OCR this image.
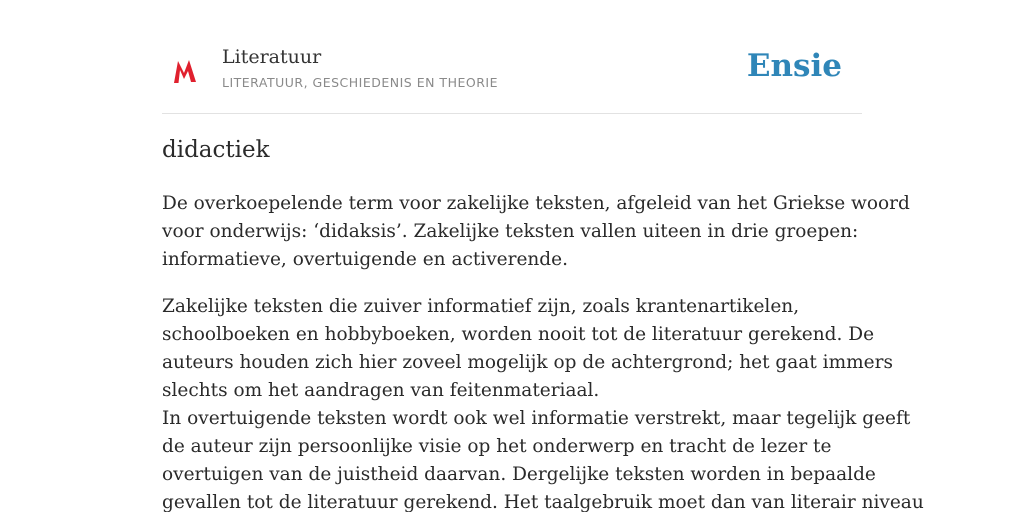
Literatuur
LITERATUUR, GESCHIEDENIS EN THEORIE	Ensie
didactiek

De overkoepelende term voor zakelijke teksten, afgeleid van het Griekse woord
voor onderwijs: ‘didaksis’. Zakelijke teksten vallen uiteen in drie groepen:
informatieve, overtuigende en activerende.

Zakelijke teksten die zuiver informatief zijn, zoals krantenartikelen,
schoolboeken en hobbyboeken, worden nooit tot de literatuur gerekend. De
auteurs houden zich hier zoveel mogelijk op de achtergrond; het gaat immers
slechts om het aandragen van feitenmateriaal.
In overtuigende teksten wordt ook wel informatie verstrekt, maar tegelijk geeft
de auteur zijn persoonlijke visie op het onderwerp en tracht de lezer te
overtuigen van de juistheid daarvan. Dergelijke teksten worden in bepaalde
gevallen tot de literatuur gerekend. Het taalgebruik moet dan van literair niveau
